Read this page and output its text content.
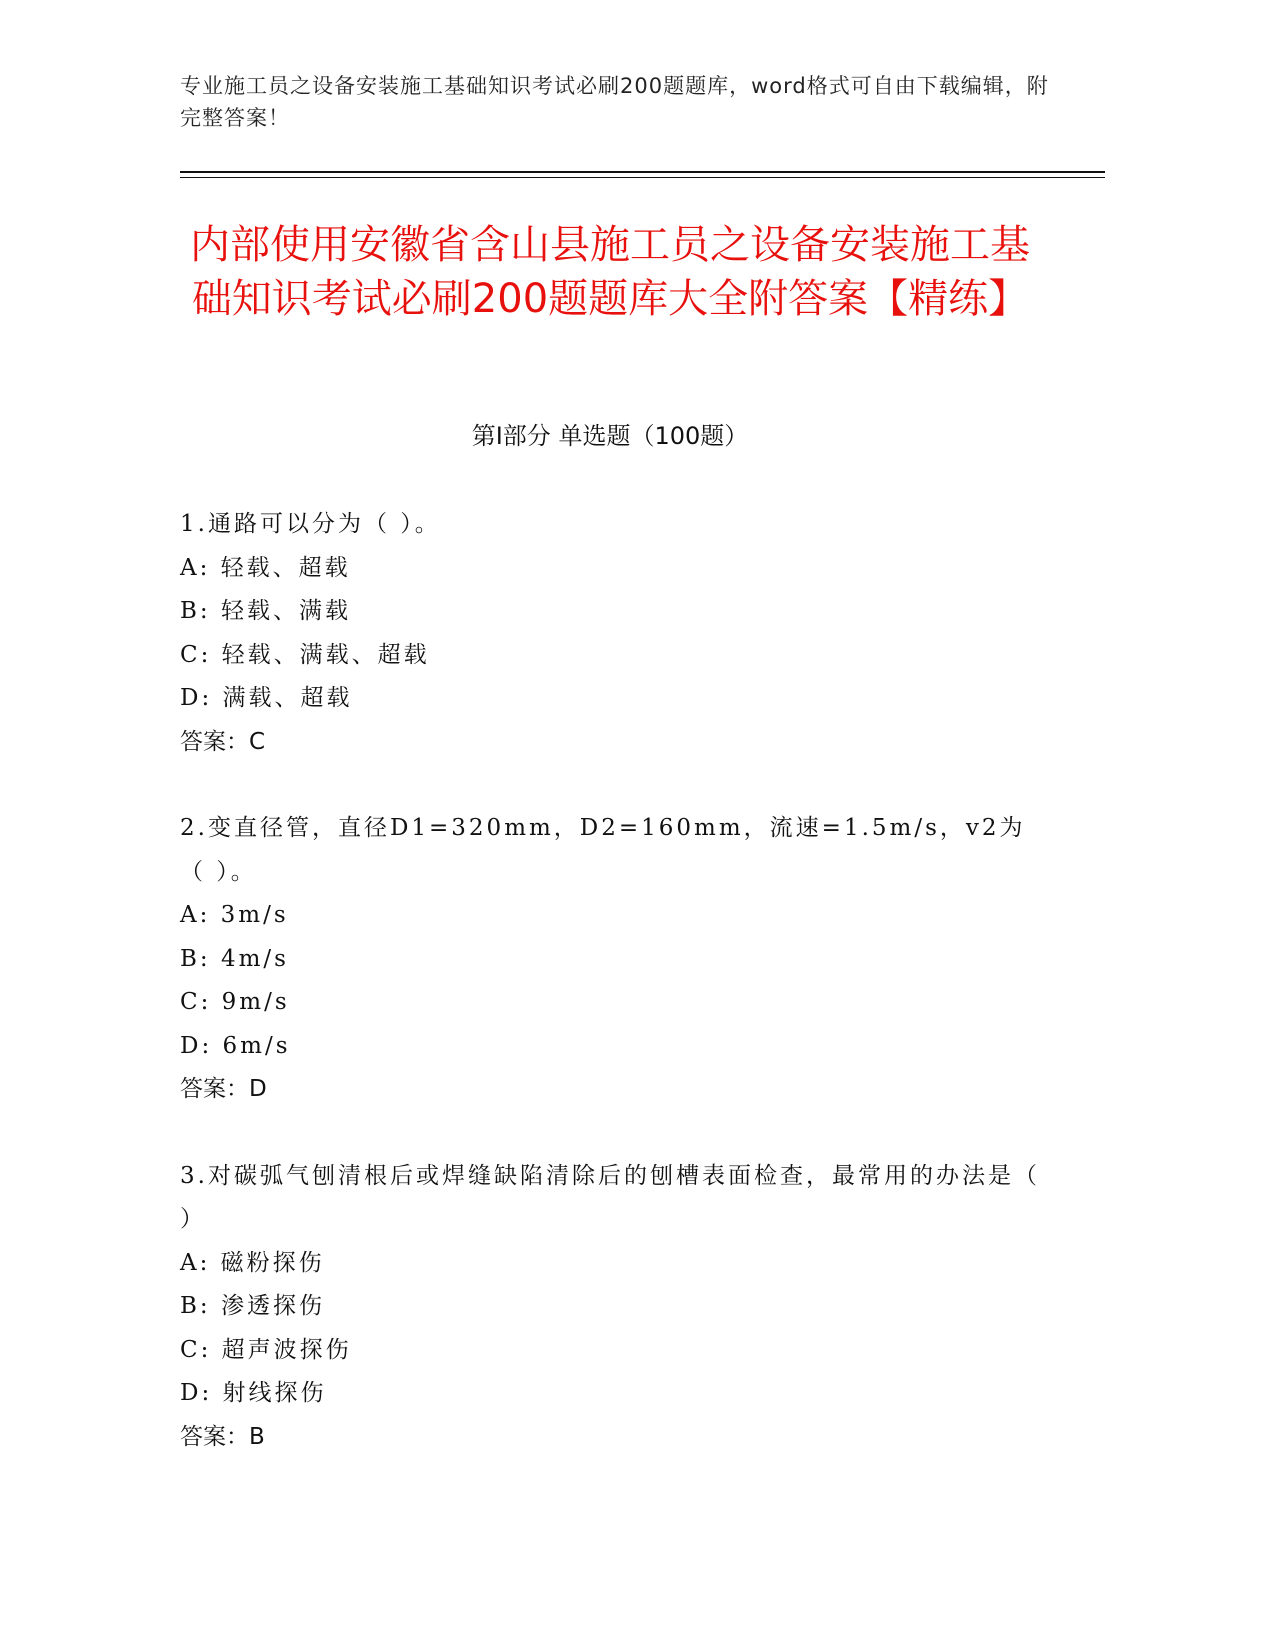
专业施工员之设备安装施工基础知识考试必刷200题题库，word格式可自由下载编辑，附完整答案！
内部使用安徽省含山县施工员之设备安装施工基础知识考试必刷200题题库大全附答案【精练】
第I部分 单选题（100题）

1.通路可以分为（ ）。

A: 轻载、超载

B: 轻载、满载

C: 轻载、满载、超载

D: 满载、超载

答案：C

2.变直径管，直径D1=320mm，D2=160mm，流速=1.5m/s，v2为（ ）。

A: 3m/s

B: 4m/s

C: 9m/s

D: 6m/s

答案：D

3.对碳弧气刨清根后或焊缝缺陷清除后的刨槽表面检查，最常用的办法是（ ）

A: 磁粉探伤

B: 渗透探伤

C: 超声波探伤

D: 射线探伤

答案：B
